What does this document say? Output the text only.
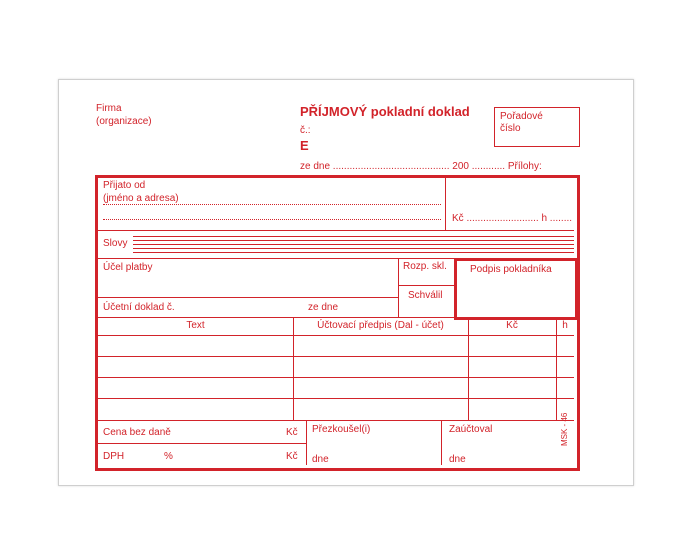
Firma
(organizace)
PŘÍJMOVÝ pokladní doklad
č.:
E
ze dne .......................................... 200 ............ Přílohy:
Pořadové
číslo
Přijato od
(jméno a adresa)
Kč .......................... h ........
Slovy
Účel platby	Rozp. skl.
Schválil
Podpis pokladníka
Účetní doklad č.	ze dne
Text	Účtovací předpis (Dal - účet)	Kč	h
Cena bez daně	Kč
DPH	%	Kč
Přezkoušel(i)
dne
Zaúčtoval
dne
MSK - 46
